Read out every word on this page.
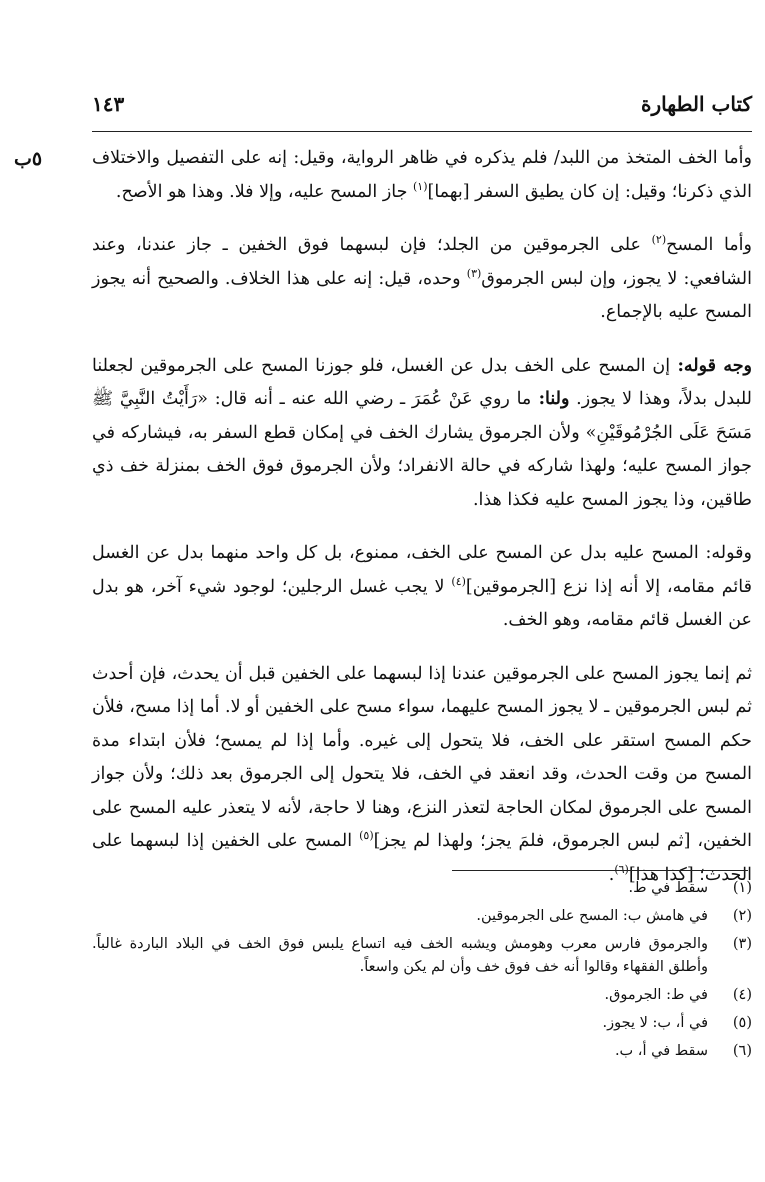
كتاب الطهارة
١٤٣
٥ب	وأما الخف المتخذ من اللبد/ فلم يذكره في ظاهر الرواية، وقيل: إنه على التفصيل والاختلاف الذي ذكرنا؛ وقيل: إن كان يطيق السفر [بهما]$^{(١)}$ جاز المسح عليه، وإلا فلا. وهذا هو الأصح.

وأما المسح$^{(٢)}$ على الجرموقين من الجلد؛ فإن لبسهما فوق الخفين ـ جاز عندنا، وعند الشافعي: لا يجوز، وإن لبس الجرموق$^{(٣)}$ وحده، قيل: إنه على هذا الخلاف. والصحيح أنه يجوز المسح عليه بالإجماع.

وجه قوله: إن المسح على الخف بدل عن الغسل، فلو جوزنا المسح على الجرموقين لجعلنا للبدل بدلاً، وهذا لا يجوز. ولنا: ما روي عَنْ عُمَرَ ـ رضي الله عنه ـ أنه قال: «رَأَيْتُ النَّبِيَّ ﷺ مَسَحَ عَلَى الجُرْمُوقَيْنِ» ولأن الجرموق يشارك الخف في إمكان قطع السفر به، فيشاركه في جواز المسح عليه؛ ولهذا شاركه في حالة الانفراد؛ ولأن الجرموق فوق الخف بمنزلة خف ذي طاقين، وذا يجوز المسح عليه فكذا هذا.

وقوله: المسح عليه بدل عن المسح على الخف، ممنوع، بل كل واحد منهما بدل عن الغسل قائم مقامه، إلا أنه إذا نزع [الجرموقين]$^{(٤)}$ لا يجب غسل الرجلين؛ لوجود شيء آخر، هو بدل عن الغسل قائم مقامه، وهو الخف.

ثم إنما يجوز المسح على الجرموقين عندنا إذا لبسهما على الخفين قبل أن يحدث، فإن أحدث ثم لبس الجرموقين ـ لا يجوز المسح عليهما، سواء مسح على الخفين أو لا. أما إذا مسح، فلأن حكم المسح استقر على الخف، فلا يتحول إلى غيره. وأما إذا لم يمسح؛ فلأن ابتداء مدة المسح من وقت الحدث، وقد انعقد في الخف، فلا يتحول إلى الجرموق بعد ذلك؛ ولأن جواز المسح على الجرموق لمكان الحاجة لتعذر النزع، وهنا لا حاجة، لأنه لا يتعذر عليه المسح على الخفين، [ثم لبس الجرموق، فلمَ يجز؛ ولهذا لم يجز]$^{(٥)}$ المسح على الخفين إذا لبسهما على الحدث؛ [كذا هذا]$^{(٦)}$.

(١)
سقط في ط.
(٢)
في هامش ب: المسح على الجرموقين.
(٣)
والجرموق فارس معرب وهومش ويشبه الخف فيه اتساع يلبس فوق الخف في البلاد الباردة غالباً. وأطلق الفقهاء وقالوا أنه خف فوق خف وأن لم يكن واسعاً.
(٤)
في ط: الجرموق.
(٥)
في أ، ب: لا يجوز.
(٦)
سقط في أ، ب.
